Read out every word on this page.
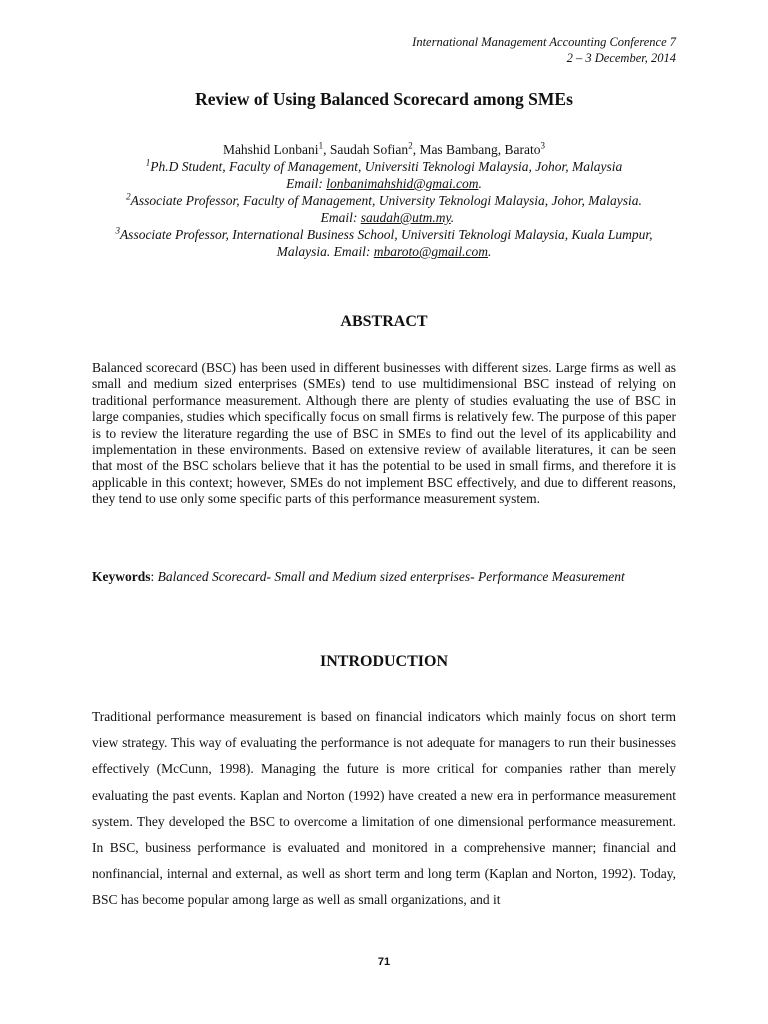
International Management Accounting Conference 7
2 – 3 December, 2014
Review of Using Balanced Scorecard among SMEs
Mahshid Lonbani$^1$, Saudah Sofian$^2$, Mas Bambang, Barato$^3$
$^1$Ph.D Student, Faculty of Management, Universiti Teknologi Malaysia, Johor, Malaysia
Email: lonbanimahshid@gmai.com.
$^2$Associate Professor, Faculty of Management, University Teknologi Malaysia, Johor, Malaysia.  Email: saudah@utm.my.
$^3$Associate Professor, International Business School, Universiti Teknologi Malaysia, Kuala Lumpur, Malaysia. Email: mbaroto@gmail.com.
ABSTRACT
Balanced scorecard (BSC) has been used in different businesses with different sizes. Large firms as well as small and medium sized enterprises (SMEs) tend to use multidimensional BSC instead of relying on traditional performance measurement. Although there are plenty of studies evaluating the use of BSC in large companies, studies which specifically focus on small firms is relatively few. The purpose of this paper is to review the literature regarding the use of BSC in SMEs to find out the level of its applicability and implementation in these environments. Based on extensive review of available literatures, it can be seen that most of the BSC scholars believe that it has the potential to be used in small firms, and therefore it is applicable in this context; however, SMEs do not implement BSC effectively, and due to different reasons, they tend to use only some specific parts of this performance measurement system.
Keywords: Balanced Scorecard- Small and Medium sized enterprises- Performance Measurement
INTRODUCTION
Traditional performance measurement is based on financial indicators which mainly focus on short term view strategy. This way of evaluating the performance is not adequate for managers to run their businesses effectively (McCunn, 1998). Managing the future is more critical for companies rather than merely evaluating the past events. Kaplan and Norton (1992) have created a new era in performance measurement system. They developed the BSC to overcome a limitation of one dimensional performance measurement. In BSC, business performance is evaluated and monitored in a comprehensive manner; financial and nonfinancial, internal and external, as well as short term and long term (Kaplan and Norton, 1992). Today, BSC has become popular among large as well as small organizations, and it
71
